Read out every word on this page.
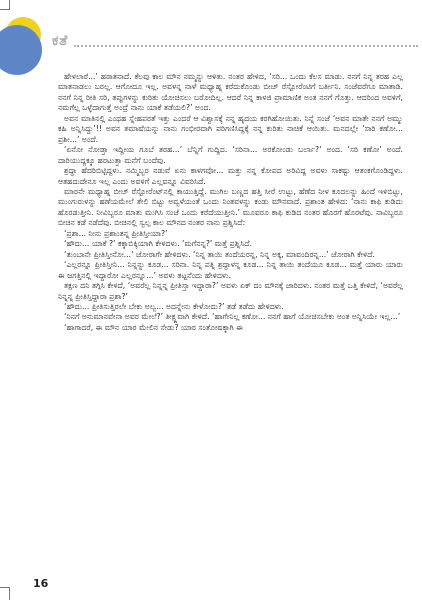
ಕತೆ

ಹೇಳಲಾರೆ...’ ಹಠಾತನಾದೆ. ಕೆಲವು ಕಾಲ ಮೌನ ನಮ್ಮನ್ನು ಆಳಿತು. ನಂತರ ಹೇಳಿದ, ‘ಸರಿ... ಒಂದು ಕೆಲಸ ಮಾಡು. ನನಗೆ ನಿನ್ನ ತರಹ ಎಲ್ಲ ಮಾತನಾಡಲು ಬರಲ್ಲ. ಆಗೋದೂ ಇಲ್ಲ. ಅವಳನ್ನ ನಾಳೆ ಮಧ್ಯಾಹ್ನ ಕರೆದುಕೊಂಡು ಬೀಚ್ ರೆಸ್ಟೋರೆಂಟಿಗೆ ಬರ್ತೀನಿ. ಸಂಜೆವರೆಗೂ ಮಾತಾಡಿ. ನನಗೆ ನಿನ್ನ ರೀತಿ ಸರಿ, ತಪ್ಪುಗಳನ್ನು ಕುರಿತು ಯೋಚಿಸಲು ಬರೋದಿಲ್ಲ. ಆದರೆ ನಿನ್ನ ಕಾಳಜಿ ಪ್ರಾಮಾಣಿಕ ಅಂತ ನನಗೆ ಗೊತ್ತು. ಆದರಿಂದ ಅವಳಿಗೆ, ನಮಗೆಲ್ಲ ಒಳ್ಳೆದಾಗುತ್ತೆ ಅಂದ್ರೆ ನಾನು ಯಾಕೆ ತಡೆಯಲಿ?’ ಅಂದ.

ಅವನ ಮಾತಿನಲ್ಲಿ ಎಂಥಹ ಸ್ನೇಹಪರತೆ ಇತ್ತು ಎಂದರೆ ಆ ವಿಶ್ವಾಸಕ್ಕೆ ನನ್ನ ಹೃದಯ ಕರಗಿಹೋಯಿತು. ನಿನ್ನೆ ಸಂಜೆ ‘ಅವನ ಮಾತೇ ನನಗೆ ಅಮ್ಮು ಕಹಿ ಅನ್ನಿಸಿದ್ದು’!! ಅವನ ತಮಾಷೆಯನ್ನು ನಾನು ಗಂಭೀರವಾಗಿ ಪರಿಗಣಿಸಿದ್ದಕ್ಕೆ ನನ್ನ ಕುರಿತು ನಾಚಿಕೆ ಆಯಿತು. ಮನದಲ್ಲೇ ‘ಸಾರಿ ಕಣೋ... ಪ್ರಶೀ...’ ಅಂದೆ.

‘ಏನೋ ನೋಡ್ತಾ ಇದ್ದೀಯ ಗೂಬೆ ತರಹ...’ ಬೆನ್ನಿಗೆ ಗುದ್ದಿದ. ‘ಸರಿನಾ... ಅರಕೋಂಡು ಬರ್ಲಾ?’ ಅಂದ. ‘ಸರಿ ಕಣೋ’ ಅಂದೆ. ದಾರಿಯುದ್ದಕ್ಕೂ ಹರಟುತ್ತಾ ಮನೆಗೆ ಬಂದೆವು.

ಶ್ರದ್ಧಾ ಹೆದರಿಬಿಟ್ಟಿದ್ದಳು. ನಮ್ಮಿಬ್ಬರ ನಡುವೆ ಏನು ಕಾಳಗವೋ... ಮತ್ತು ನನ್ನ ಕೋಪದ ಅರಿವಿದ್ದ ಅವಳು ಸಾಕಷ್ಟು ಆತಂಕಗೊಂಡಿದ್ದಳು. ಆತಹದುದೇನೂ ಇಲ್ಲ ಎಂದು ಅವಳಿಗೆ ಎಲ್ಲವನ್ನೂ ವಿವರಿಸಿದೆ.

ಮಾರನೇ ಮಧ್ಯಾಹ್ನ ಬೀಚ್ ರೆಸ್ಟೋರೆಂಟ್‌ನಲ್ಲಿ ಕಾಯುತ್ತಿದ್ದೆ. ಮುಗಿಲ ಬಣ್ಣದ ಹತ್ತಿ ಸೀರೆ ಉಟ್ಟು, ಹೆಣೆದ ನೀಳ ಕೂದಲನ್ನು ಹಿಂದೆ ಇಳಿಬಿಟ್ಟು, ಮುಂಗುರುಳನ್ನು ಹಣೆಯಮೇಲೆ ತೇಲಿ ಬಿಟ್ಟು ಅವ್ವಳೆಯಂತೆ ಒಂದು ನಿಂತವಳನ್ನು ಕಂಡು ಮೌನವಾದೆ. ಪ್ರಶಾಂತ ಹೇಳಿದ: ‘ನಾನು ಕಾಫಿ ಕುಡಿದು ಹೊರಡುತ್ತೀನಿ. ನೀವಿಬ್ಬರೂ ಮಾತು ಮುಗಿಸಿ ಸಂಜೆ ಒಂದು ಕರೆದೆಯುತ್ತೀನಿ.’ ಮೂವರೂ ಕಾಫಿ ಕುಡಿದ ನಂತರ ಹೊರಗೆ ಹೊರಟೆವು. ನಾವಿಬ್ಬರೂ ಬೀಚಿನ ಕಡೆ ನಡೆದೆವು. ಬೀಚಿನಲ್ಲಿ ಸ್ವಲ್ಪ ಕಾಲ ಮೌನದ ನಂತರ ನಾನು ಪ್ರಶ್ನಿಸಿದೆ:

‘ಪ್ರಶಾ... ನೀನು ಪ್ರಶಾಂತನ್ನ ಪ್ರೀತಿಸ್ತೀಯಾ?’

‘ಹೌದು... ಯಾಕೆ ?’ ಕಕ್ಕಾಬಿಕ್ಕಿಯಾಗಿ ಕೇಳಿದಳು. ‘ಮಗೆನನ್ನ?’ ಮತ್ತೆ ಪ್ರಶ್ನಿಸಿದೆ.

‘ತುಂಬಾನೇ ಪ್ರೀತಿಸ್ತೀನೋ...’ ಜೋರಾಗೇ ಹೇಳಿದಳು. ‘ನಿನ್ನ ತಾಯಿ ತಂದೆಯರನ್ನ, ನಿನ್ನ ಅಕ್ಕ, ಮಾವಂದಿರನ್ನ...’ ಜೋರಾಗಿ ಕೇಳಿದೆ.

‘ಎಲ್ಲರನ್ನೂ ಪ್ರೀತಿಸ್ತೀನಿ... ನಿನ್ನನ್ನು ಕೂಡ... ಸರಿನಾ. ನಿನ್ನ ಪತ್ನಿ ಶ್ರದ್ಧಾಳನ್ನ ಕೂಡ... ನಿನ್ನ ತಾಯಿ ತಂದೆಯೂ ಕೂಡ... ಮತ್ತೆ ಯಾರು ಯಾರು ಈ ಜಗತ್ತಿನಲ್ಲಿ ಇದ್ದಾರೋ ಎಲ್ಲರನ್ನೂ...’ ಅವಳು ತಟ್ಟನೆಂದು ಹೇಳಿದಳು.

ತಕ್ಷಣ ದನಿ ತಗ್ಗಿಸಿ ಕೇಳಿದೆ, ‘ಅವರೆಲ್ಲ ನಿನ್ನನ್ನ ಪ್ರೀತಿಸ್ತಾ ಇದ್ದಾರಾ?’ ಅವಳು ಏಕ್ ದಂ ಮೌನಕ್ಕೆ ಜಾರಿದಳು. ನಂತರ ಮತ್ತೆ ಒತ್ತಿ ಕೇಳಿದೆ, ‘ಅವರೆಲ್ಲ ನಿನ್ನನ್ನ ಪ್ರೀತಿಸ್ತಿದ್ದಾರಾ ಪ್ರಶಾ?’

‘ಹೌದು... ಪ್ರೀತಿಸುತ್ತಿರಲೇ ಬೇಕು ಅಲ್ವ... ಅದನ್ನೇನು ಕೇಳೋದು?’ ತಡೆ ತಡೆದು ಹೇಳಿದಳು.

‘ನಿನಗೆ ಅನುಮಾನವೇನಾ ಅವರ ಮೇಲೆ?’ ತೀಕ್ಷ್ಣವಾಗಿ ಕೇಳಿದೆ. ‘ಹಾಗೇನಿಲ್ಲ ಕಣೋ... ನನಗೆ ಹಾಗೆ ಯೋಚಿಸಬೇಕು ಅಂತ ಅನ್ನಿಸಿಯೇ ಇಲ್ಲ...’

‘ಹಾಗಾದರೆ, ಈ ಮೌನ ಯಾರ ಮೇಲಿನ ಸೇಡು? ಯಾರ ಸಂತೋಷಕ್ಕಾಗಿ ಈ

16
